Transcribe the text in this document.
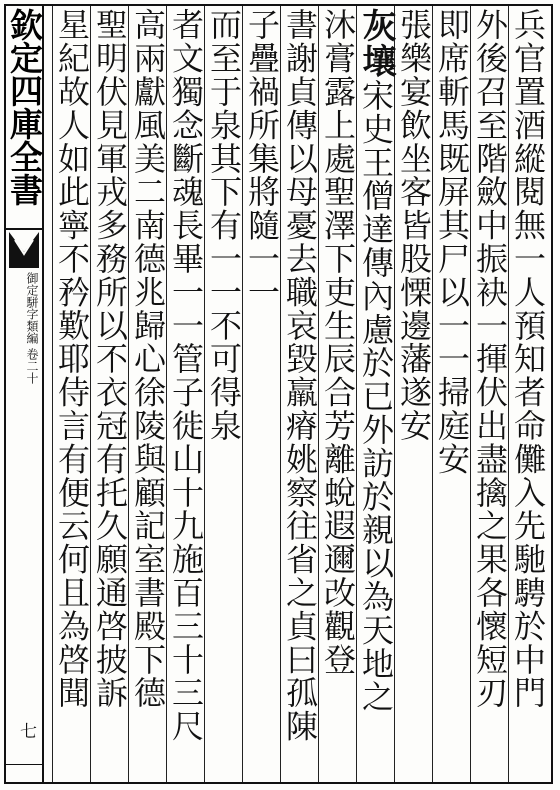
兵官置酒縱閱無一人預知者命儺入先馳騁於中門
外後召至階斂中振袂一揮伏出盡擒之果各懷短刃
即席斬馬既屏其尸以一一掃庭安
張樂宴飲坐客皆股慄邊藩遂安
灰壤宋史王僧達傳內慮於已外訪於親以為天地之
沐膏露上處聖澤下吏生辰合芳離蛻遐邇改觀登
書謝貞傳以母憂去職哀毀羸瘠姚察往省之貞曰孤陳
子疊禍所集將隨一一
而至于泉其下有一一不可得泉
者文獨念斷魂長畢一一管子徙山十九施百三十三尺
高兩獻風美二南德兆歸心徐陵與顧記室書殿下德
聖明伏見軍戎多務所以不衣冠有托久願通啓披訴
星紀故人如此寧不矜歎耶侍言有便云何且為啓聞
欽定四庫全書
御定駢字類編 卷二十
七
